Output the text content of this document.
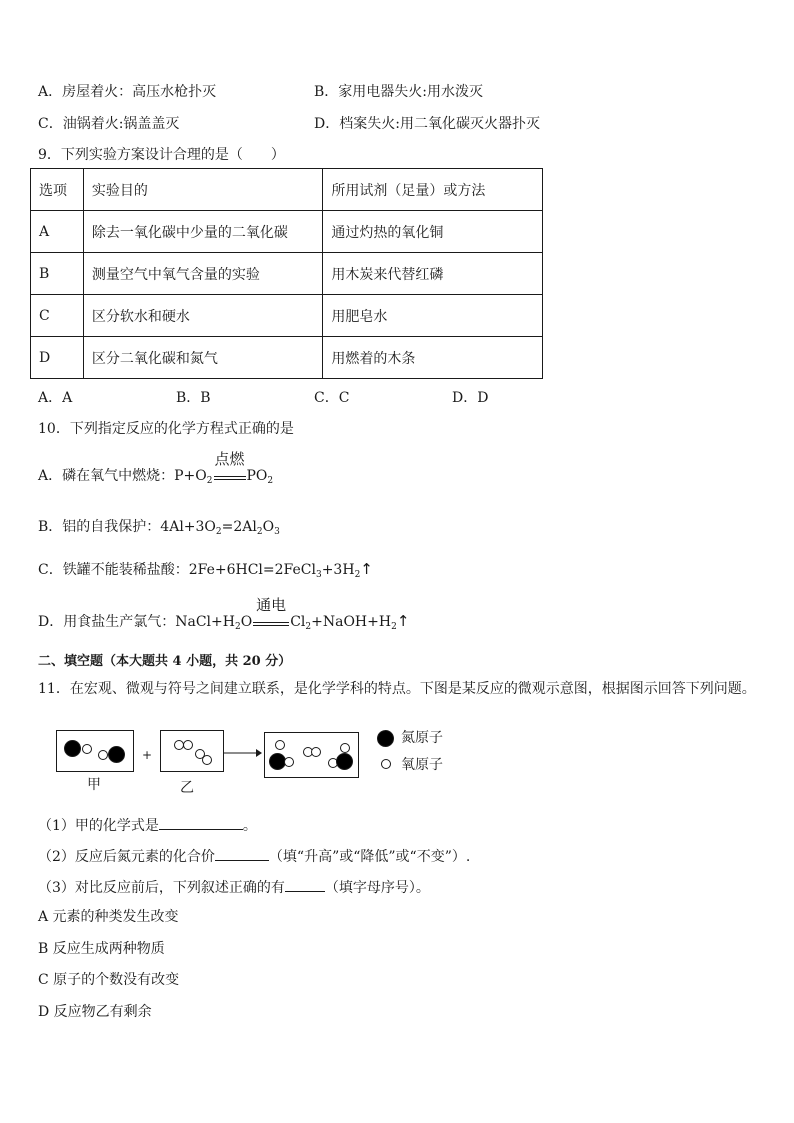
A．房屋着火：高压水枪扑灭	B．家用电器失火:用水泼灭
C．油锅着火:锅盖盖灭	D．档案失火:用二氧化碳灭火器扑灭
9．下列实验方案设计合理的是（　　）
选项	实验目的	所用试剂（足量）或方法
A	除去一氧化碳中少量的二氧化碳	通过灼热的氧化铜
B	测量空气中氧气含量的实验	用木炭来代替红磷
C	区分软水和硬水	用肥皂水
D	区分二氧化碳和氮气	用燃着的木条
A．A	B．B	C．C	D．D
10．下列指定反应的化学方程式正确的是
A．磷在氧气中燃烧：$P+O_2$
点燃
$PO_2$
B．铝的自我保护：$4Al+3O_2=2Al_2O_3$
C．铁罐不能装稀盐酸：$2Fe+6HCl=2FeCl_3+3H_2↑$
D．用食盐生产氯气：$NaCl+H_2O$
通电
$Cl_2+NaOH+H_2↑$
二、填空题（本大题共 4 小题，共 20 分）
11．在宏观、微观与符号之间建立联系，是化学学科的特点。下图是某反应的微观示意图，根据图示回答下列问题。
甲
+
乙
氮原子
氧原子
（1）甲的化学式是	。
（2）反应后氮元素的化合价	（填“升高”或“降低”或“不变”）.
（3）对比反应前后，下列叙述正确的有	（填字母序号）。
A 元素的种类发生改变
B 反应生成两种物质
C 原子的个数没有改变
D 反应物乙有剩余
